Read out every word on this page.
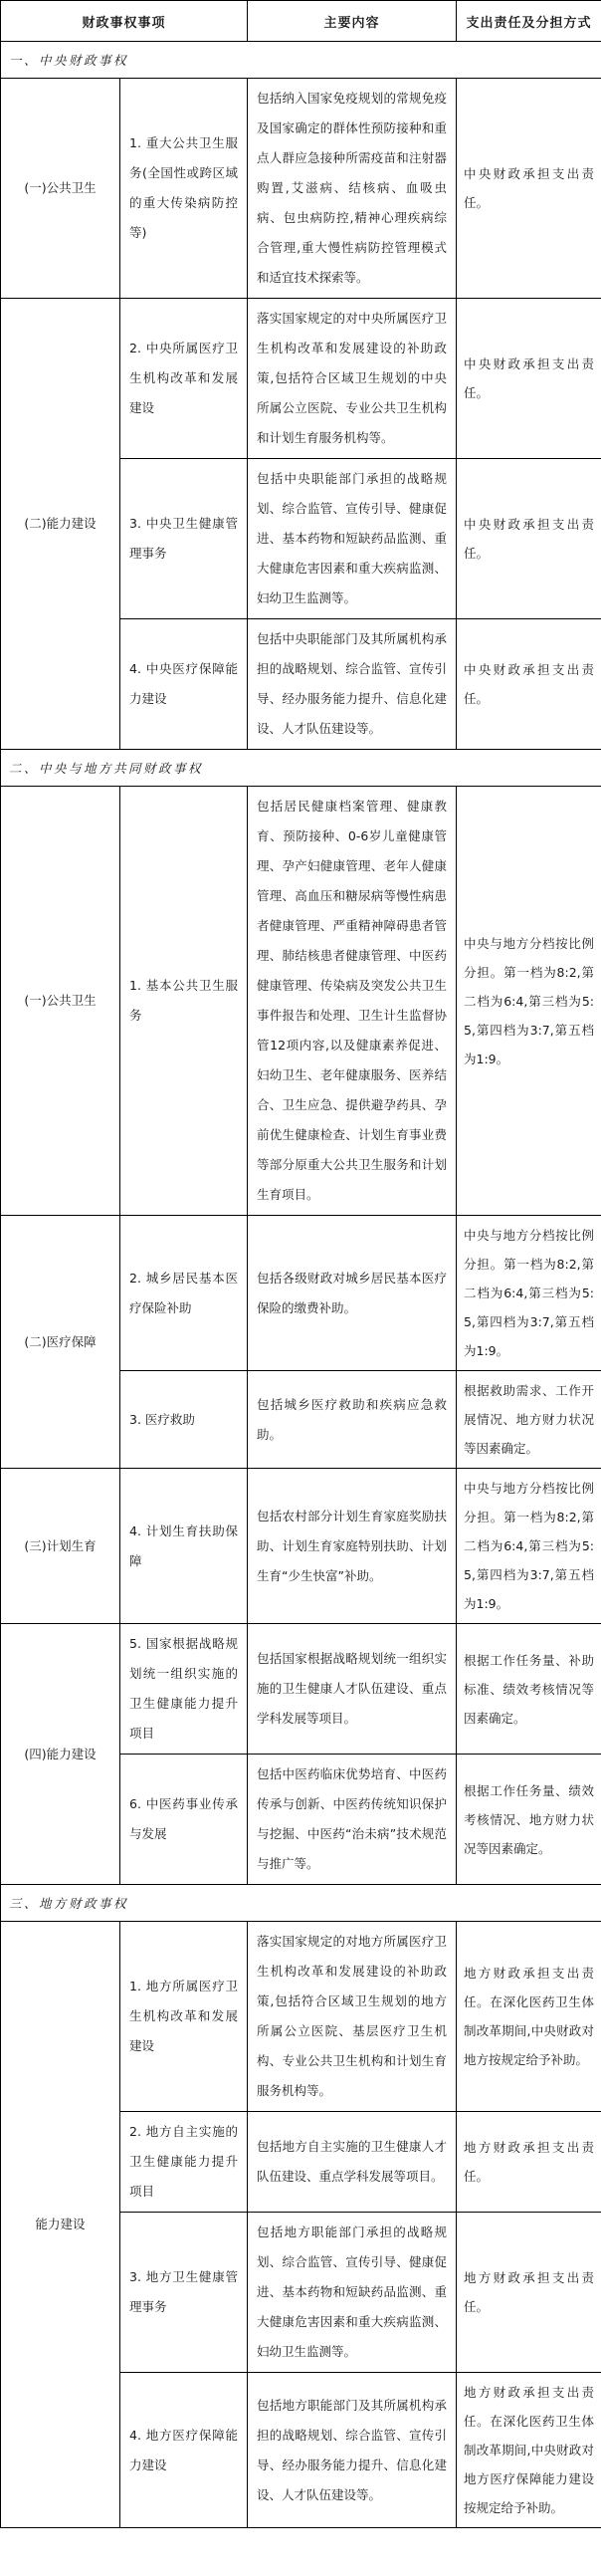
财政事权事项		主要内容	支出责任及分担方式
一、中央财政事权			
(一)公共卫生	1. 重大公共卫生服务(全国性或跨区域的重大传染病防控等)	包括纳入国家免疫规划的常规免疫及国家确定的群体性预防接种和重点人群应急接种所需疫苗和注射器购置,艾滋病、结核病、血吸虫病、包虫病防控,精神心理疾病综合管理,重大慢性病防控管理模式和适宜技术探索等。	中央财政承担支出责任。
(二)能力建设	2. 中央所属医疗卫生机构改革和发展建设	落实国家规定的对中央所属医疗卫生机构改革和发展建设的补助政策,包括符合区域卫生规划的中央所属公立医院、专业公共卫生机构和计划生育服务机构等。	中央财政承担支出责任。
	3. 中央卫生健康管理事务	包括中央职能部门承担的战略规划、综合监管、宣传引导、健康促进、基本药物和短缺药品监测、重大健康危害因素和重大疾病监测、妇幼卫生监测等。	中央财政承担支出责任。
	4. 中央医疗保障能力建设	包括中央职能部门及其所属机构承担的战略规划、综合监管、宣传引导、经办服务能力提升、信息化建设、人才队伍建设等。	中央财政承担支出责任。
二、中央与地方共同财政事权			
(一)公共卫生	1. 基本公共卫生服务	包括居民健康档案管理、健康教育、预防接种、0-6岁儿童健康管理、孕产妇健康管理、老年人健康管理、高血压和糖尿病等慢性病患者健康管理、严重精神障碍患者管理、肺结核患者健康管理、中医药健康管理、传染病及突发公共卫生事件报告和处理、卫生计生监督协管12项内容,以及健康素养促进、妇幼卫生、老年健康服务、医养结合、卫生应急、提供避孕药具、孕前优生健康检查、计划生育事业费等部分原重大公共卫生服务和计划生育项目。	中央与地方分档按比例分担。第一档为8:2,第二档为6:4,第三档为5:5,第四档为3:7,第五档为1:9。
(二)医疗保障	2. 城乡居民基本医疗保险补助	包括各级财政对城乡居民基本医疗保险的缴费补助。	中央与地方分档按比例分担。第一档为8:2,第二档为6:4,第三档为5:5,第四档为3:7,第五档为1:9。
	3. 医疗救助	包括城乡医疗救助和疾病应急救助。	根据救助需求、工作开展情况、地方财力状况等因素确定。
(三)计划生育	4. 计划生育扶助保障	包括农村部分计划生育家庭奖励扶助、计划生育家庭特别扶助、计划生育“少生快富”补助。	中央与地方分档按比例分担。第一档为8:2,第二档为6:4,第三档为5:5,第四档为3:7,第五档为1:9。
(四)能力建设	5. 国家根据战略规划统一组织实施的卫生健康能力提升项目	包括国家根据战略规划统一组织实施的卫生健康人才队伍建设、重点学科发展等项目。	根据工作任务量、补助标准、绩效考核情况等因素确定。
	6. 中医药事业传承与发展	包括中医药临床优势培育、中医药传承与创新、中医药传统知识保护与挖掘、中医药“治未病”技术规范与推广等。	根据工作任务量、绩效考核情况、地方财力状况等因素确定。
三、地方财政事权			
能力建设	1. 地方所属医疗卫生机构改革和发展建设	落实国家规定的对地方所属医疗卫生机构改革和发展建设的补助政策,包括符合区域卫生规划的地方所属公立医院、基层医疗卫生机构、专业公共卫生机构和计划生育服务机构等。	地方财政承担支出责任。在深化医药卫生体制改革期间,中央财政对地方按规定给予补助。
	2. 地方自主实施的卫生健康能力提升项目	包括地方自主实施的卫生健康人才队伍建设、重点学科发展等项目。	地方财政承担支出责任。
	3. 地方卫生健康管理事务	包括地方职能部门承担的战略规划、综合监管、宣传引导、健康促进、基本药物和短缺药品监测、重大健康危害因素和重大疾病监测、妇幼卫生监测等。	地方财政承担支出责任。
	4. 地方医疗保障能力建设	包括地方职能部门及其所属机构承担的战略规划、综合监管、宣传引导、经办服务能力提升、信息化建设、人才队伍建设等。	地方财政承担支出责任。在深化医药卫生体制改革期间,中央财政对地方医疗保障能力建设按规定给予补助。
